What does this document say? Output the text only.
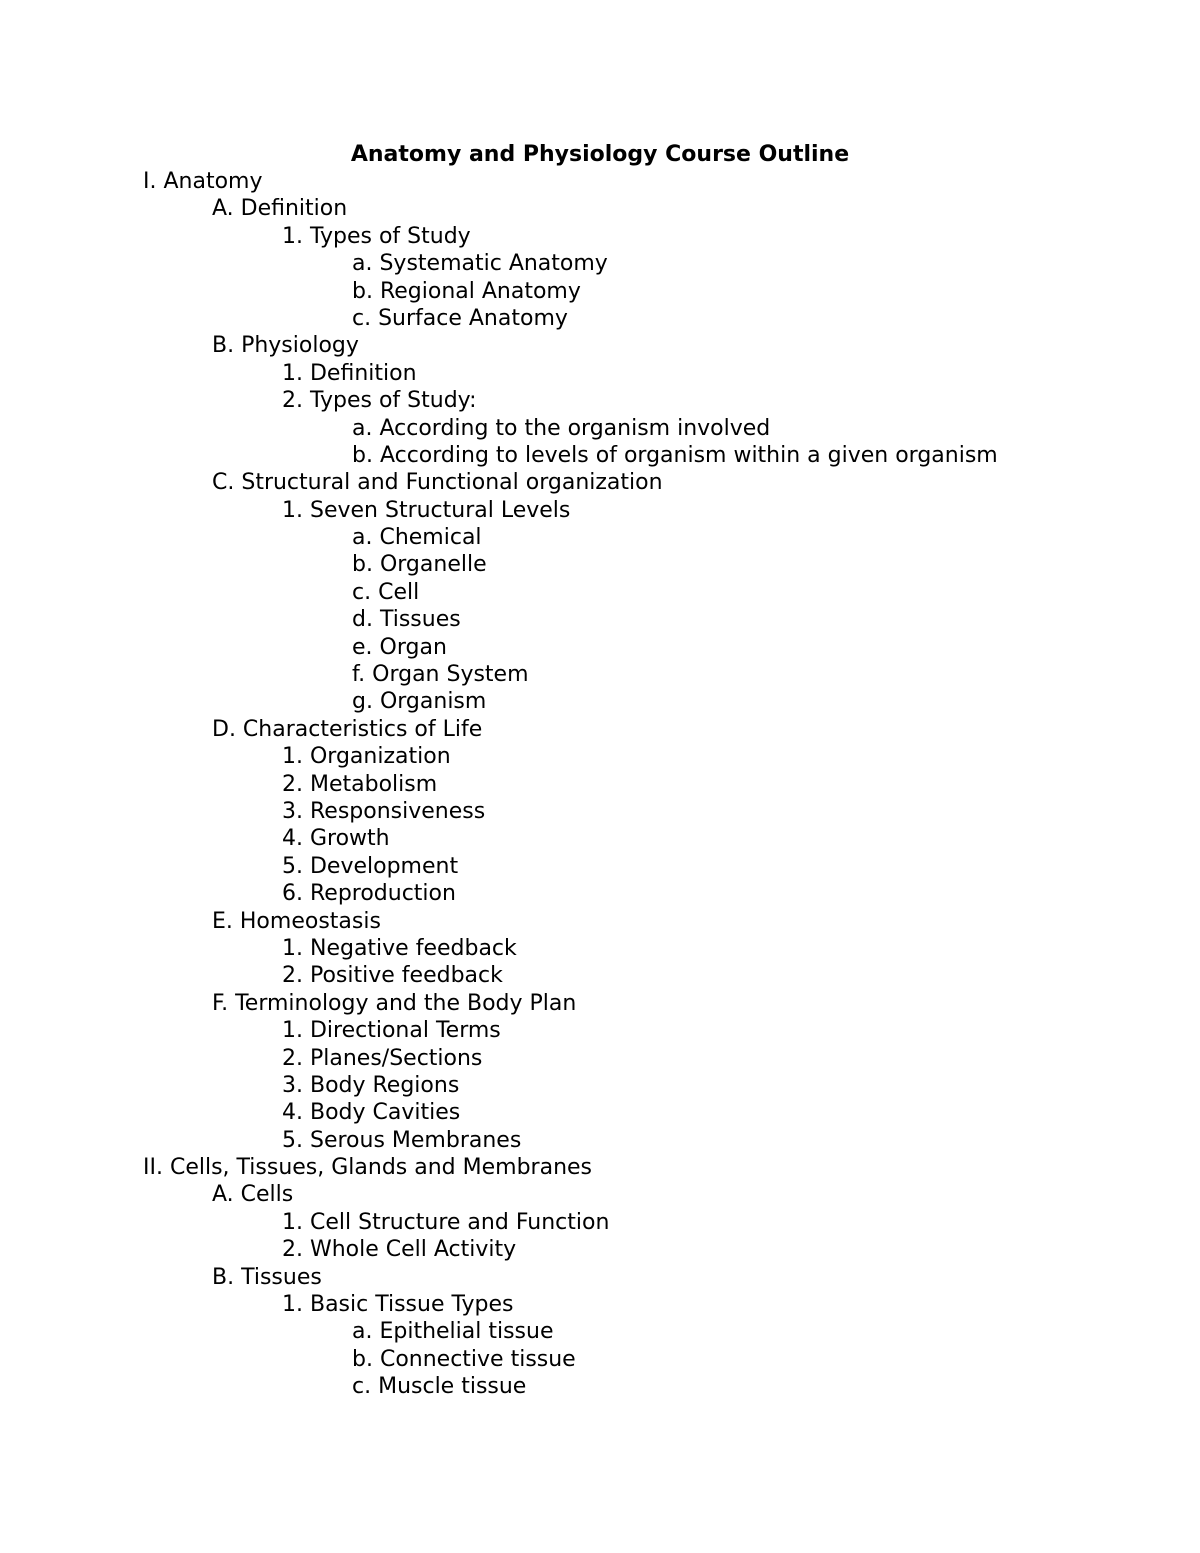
Anatomy and Physiology Course Outline
I. Anatomy
A. Definition
1. Types of Study
a. Systematic Anatomy
b. Regional Anatomy
c. Surface Anatomy
B. Physiology
1. Definition
2. Types of Study:
a. According to the organism involved
b. According to levels of organism within a given organism
C. Structural and Functional organization
1. Seven Structural Levels
a. Chemical
b. Organelle
c. Cell
d. Tissues
e. Organ
f. Organ System
g. Organism
D. Characteristics of Life
1. Organization
2. Metabolism
3. Responsiveness
4. Growth
5. Development
6. Reproduction
E. Homeostasis
1. Negative feedback
2. Positive feedback
F. Terminology and the Body Plan
1. Directional Terms
2. Planes/Sections
3. Body Regions
4. Body Cavities
5. Serous Membranes
II. Cells, Tissues, Glands and Membranes
A. Cells
1. Cell Structure and Function
2. Whole Cell Activity
B. Tissues
1. Basic Tissue Types
a. Epithelial tissue
b. Connective tissue
c. Muscle tissue
